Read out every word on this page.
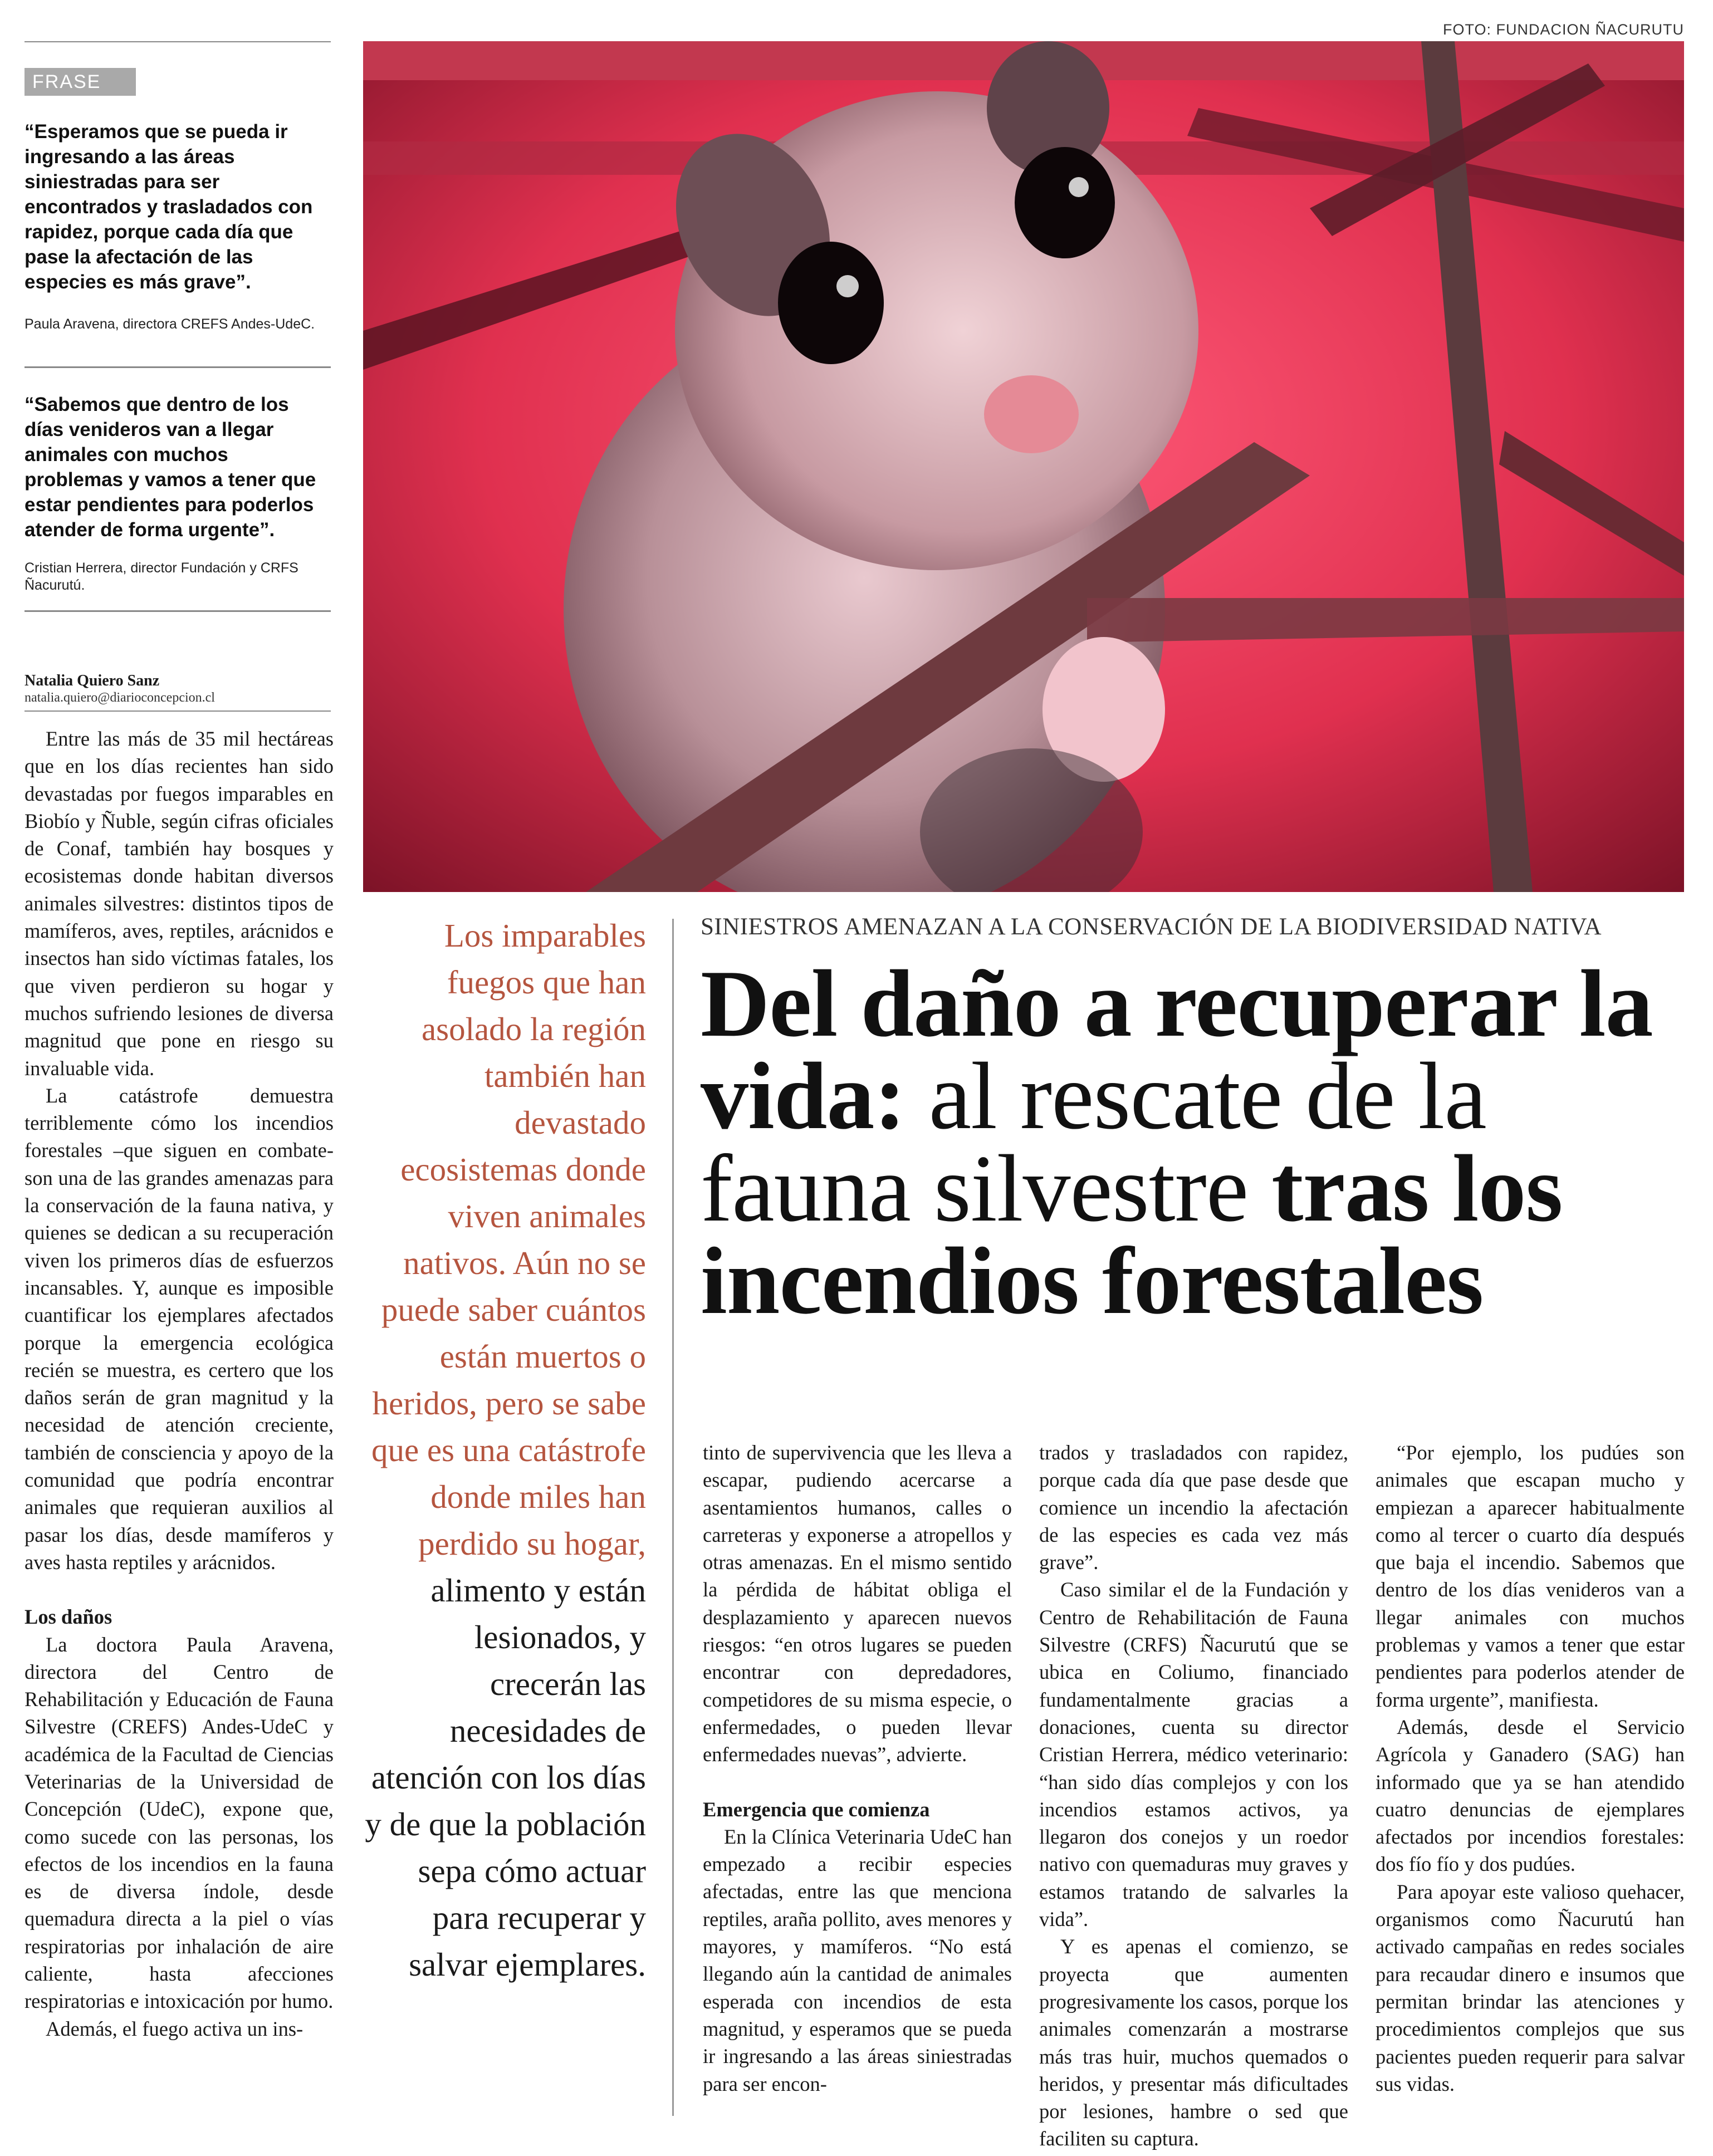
FOTO: FUNDACION ÑACURUTU
FRASE
“Esperamos que se pueda ir ingresando a las áreas siniestradas para ser encontrados y trasladados con rapidez, porque cada día que pase la afectación de las especies es más grave”.
Paula Aravena, directora CREFS Andes-UdeC.
“Sabemos que dentro de los días venideros van a llegar animales con muchos problemas y vamos a tener que estar pendientes para poderlos atender de forma urgente”.
Cristian Herrera, director Fundación y CRFS Ñacurutú.
Natalia Quiero Sanz
natalia.quiero@diarioconcepcion.cl

Entre las más de 35 mil hectáreas que en los días recientes han sido devastadas por fuegos imparables en Biobío y Ñuble, según cifras oficiales de Conaf, también hay bosques y ecosistemas donde habitan diversos animales silvestres: distintos tipos de mamíferos, aves, reptiles, arácnidos e insectos han sido víctimas fatales, los que viven perdieron su hogar y muchos sufriendo lesiones de diversa magnitud que pone en riesgo su invaluable vida.

La catástrofe demuestra terriblemente cómo los incendios forestales –que siguen en combate- son una de las grandes amenazas para la conservación de la fauna nativa, y quienes se dedican a su recuperación viven los primeros días de esfuerzos incansables. Y, aunque es imposible cuantificar los ejemplares afectados porque la emergencia ecológica recién se muestra, es certero que los daños serán de gran magnitud y la necesidad de atención creciente, también de consciencia y apoyo de la comunidad que podría encontrar animales que requieran auxilios al pasar los días, desde mamíferos y aves hasta reptiles y arácnidos.

Los daños

La doctora Paula Aravena, directora del Centro de Rehabilitación y Educación de Fauna Silvestre (CREFS) Andes-UdeC y académica de la Facultad de Ciencias Veterinarias de la Universidad de Concepción (UdeC), expone que, como sucede con las personas, los efectos de los incendios en la fauna es de diversa índole, desde quemadura directa a la piel o vías respiratorias por inhalación de aire caliente, hasta afecciones respiratorias e intoxicación por humo.

Además, el fuego activa un ins-

Los imparables fuegos que han asolado la región también han devastado ecosistemas donde viven animales nativos. Aún no se puede saber cuántos están muertos o heridos, pero se sabe que es una catástrofe donde miles han perdido su hogar, alimento y están lesionados, y crecerán las necesidades de atención con los días y de que la población sepa cómo actuar para recuperar y salvar ejemplares.
SINIESTROS AMENAZAN A LA CONSERVACIÓN DE LA BIODIVERSIDAD NATIVA
Del daño a recuperar la vida: al rescate de la fauna silvestre tras los incendios forestales

tinto de supervivencia que les lleva a escapar, pudiendo acercarse a asentamientos humanos, calles o carreteras y exponerse a atropellos y otras amenazas. En el mismo sentido la pérdida de hábitat obliga el desplazamiento y aparecen nuevos riesgos: “en otros lugares se pueden encontrar con depredadores, competidores de su misma especie, o enfermedades, o pueden llevar enfermedades nuevas”, advierte.

Emergencia que comienza

En la Clínica Veterinaria UdeC han empezado a recibir especies afectadas, entre las que menciona reptiles, araña pollito, aves menores y mayores, y mamíferos. “No está llegando aún la cantidad de animales esperada con incendios de esta magnitud, y esperamos que se pueda ir ingresando a las áreas siniestradas para ser encon-

trados y trasladados con rapidez, porque cada día que pase desde que comience un incendio la afectación de las especies es cada vez más grave”.

Caso similar el de la Fundación y Centro de Rehabilitación de Fauna Silvestre (CRFS) Ñacurutú que se ubica en Coliumo, financiado fundamentalmente gracias a donaciones, cuenta su director Cristian Herrera, médico veterinario: “han sido días complejos y con los incendios estamos activos, ya llegaron dos conejos y un roedor nativo con quemaduras muy graves y estamos tratando de salvarles la vida”.

Y es apenas el comienzo, se proyecta que aumenten progresivamente los casos, porque los animales comenzarán a mostrarse más tras huir, muchos quemados o heridos, y presentar más dificultades por lesiones, hambre o sed que faciliten su captura.

“Por ejemplo, los pudúes son animales que escapan mucho y empiezan a aparecer habitualmente como al tercer o cuarto día después que baja el incendio. Sabemos que dentro de los días venideros van a llegar animales con muchos problemas y vamos a tener que estar pendientes para poderlos atender de forma urgente”, manifiesta.

Además, desde el Servicio Agrícola y Ganadero (SAG) han informado que ya se han atendido cuatro denuncias de ejemplares afectados por incendios forestales: dos fío fío y dos pudúes.

Para apoyar este valioso quehacer, organismos como Ñacurutú han activado campañas en redes sociales para recaudar dinero e insumos que permitan brindar las atenciones y procedimientos complejos que sus pacientes pueden requerir para salvar sus vidas.
